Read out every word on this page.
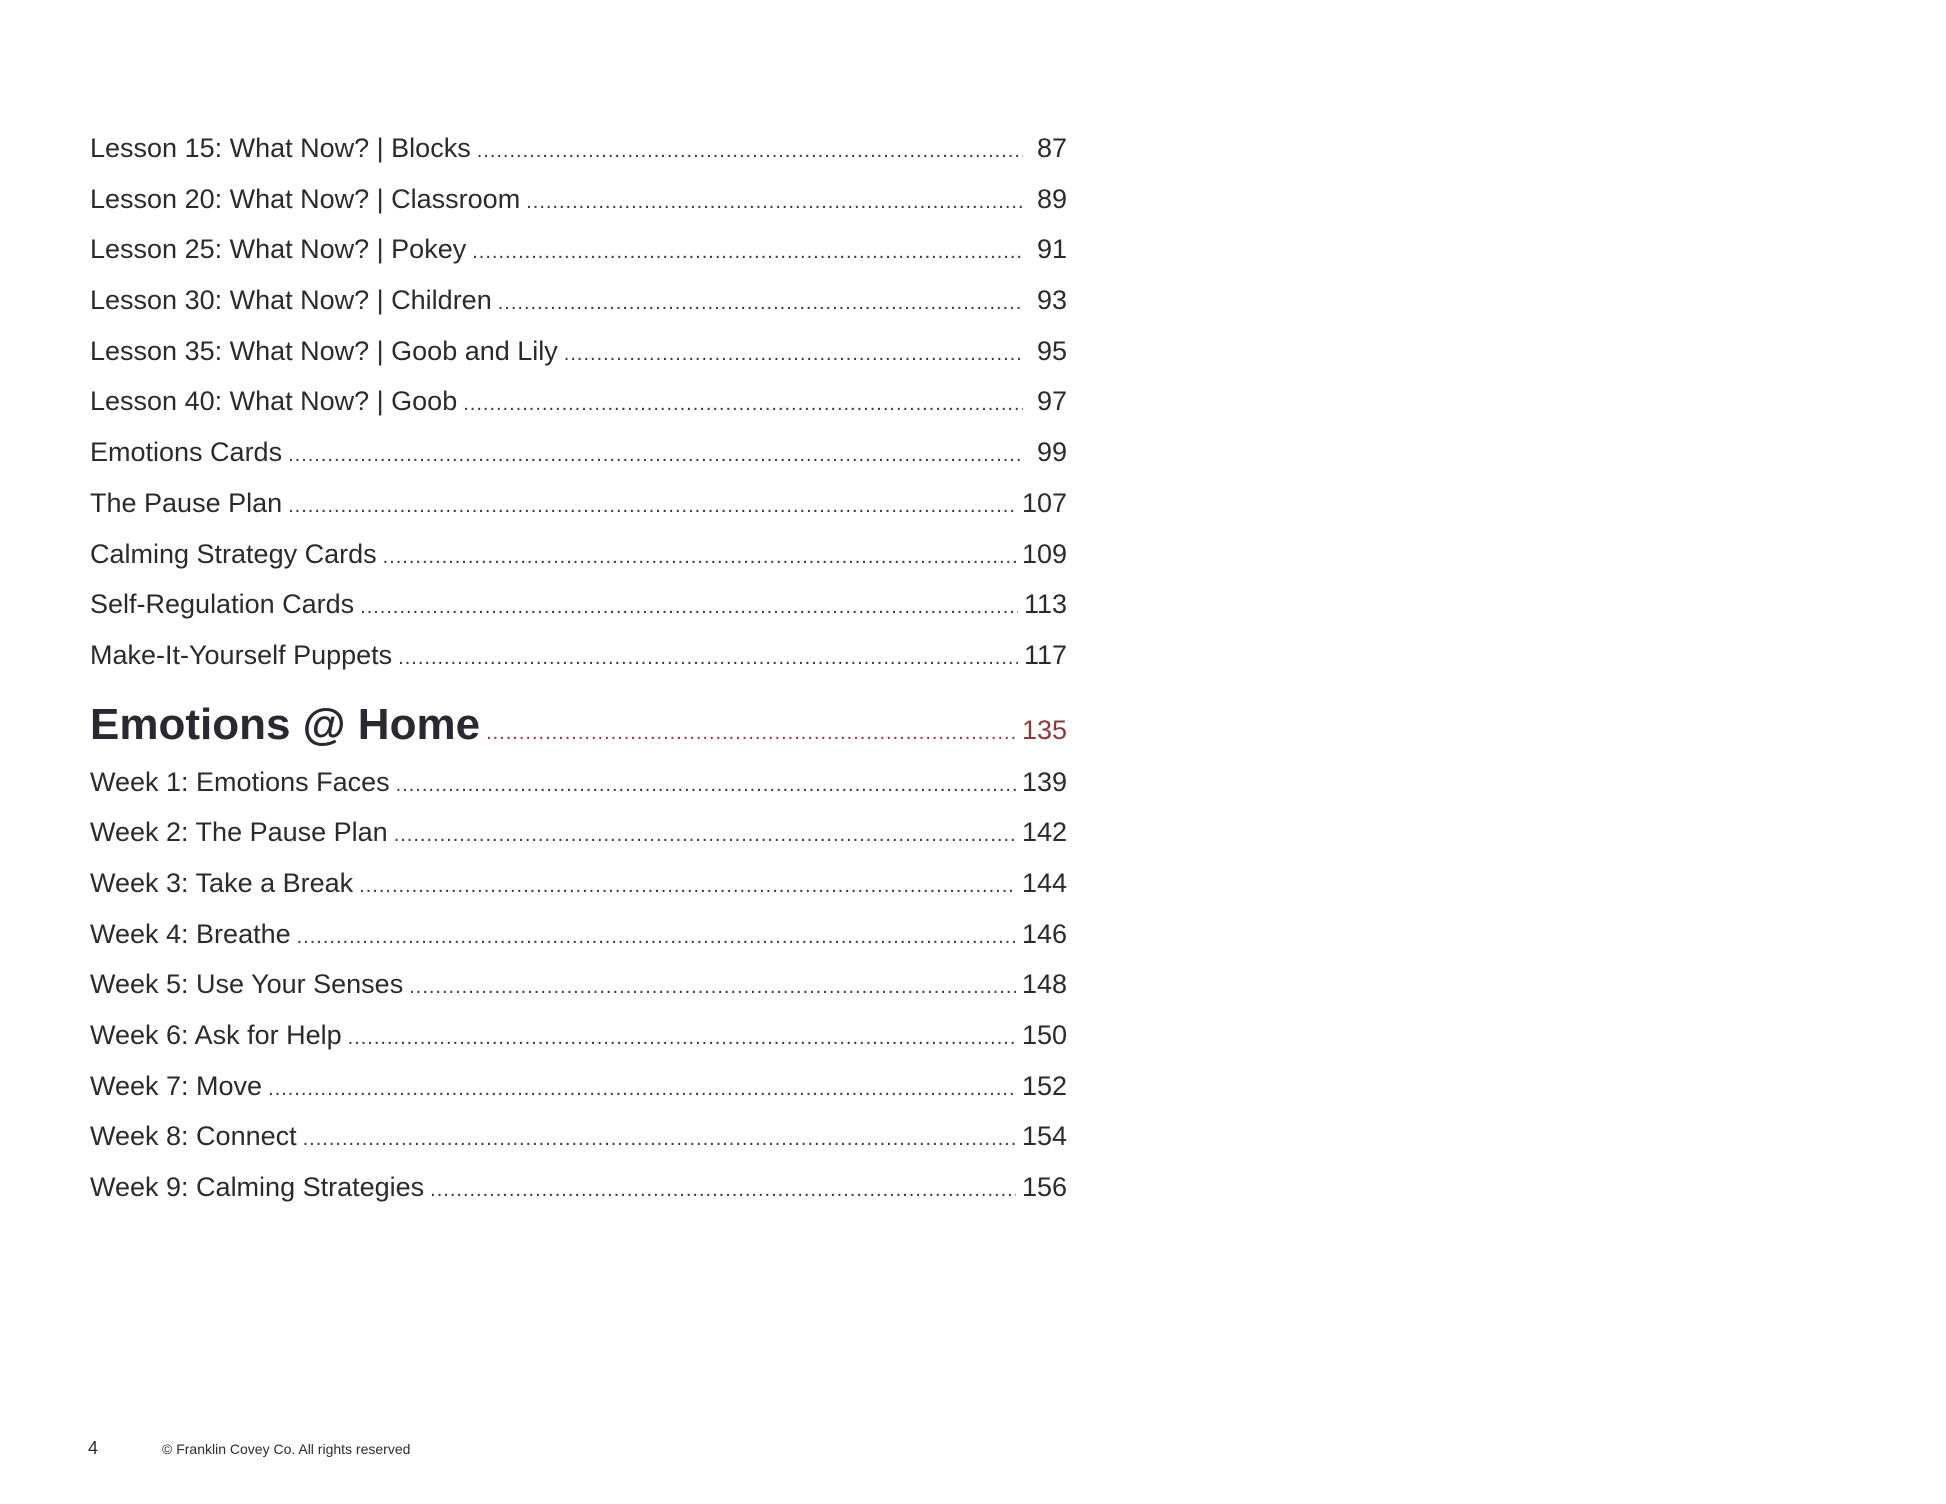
Lesson 15: What Now? | Blocks .....	87
Lesson 20: What Now? | Classroom .....	89
Lesson 25: What Now? | Pokey .....	91
Lesson 30: What Now? | Children .....	93
Lesson 35: What Now? | Goob and Lily .....	95
Lesson 40: What Now? | Goob .....	97
Emotions Cards .....	99
The Pause Plan .....	107
Calming Strategy Cards .....	109
Self-Regulation Cards .....	113
Make-It-Yourself Puppets .....	117
Emotions @ Home .....	135
Week 1: Emotions Faces .....	139
Week 2: The Pause Plan .....	142
Week 3: Take a Break .....	144
Week 4: Breathe .....	146
Week 5: Use Your Senses .....	148
Week 6: Ask for Help .....	150
Week 7: Move .....	152
Week 8: Connect .....	154
Week 9: Calming Strategies .....	156
4	© Franklin Covey Co. All rights reserved
